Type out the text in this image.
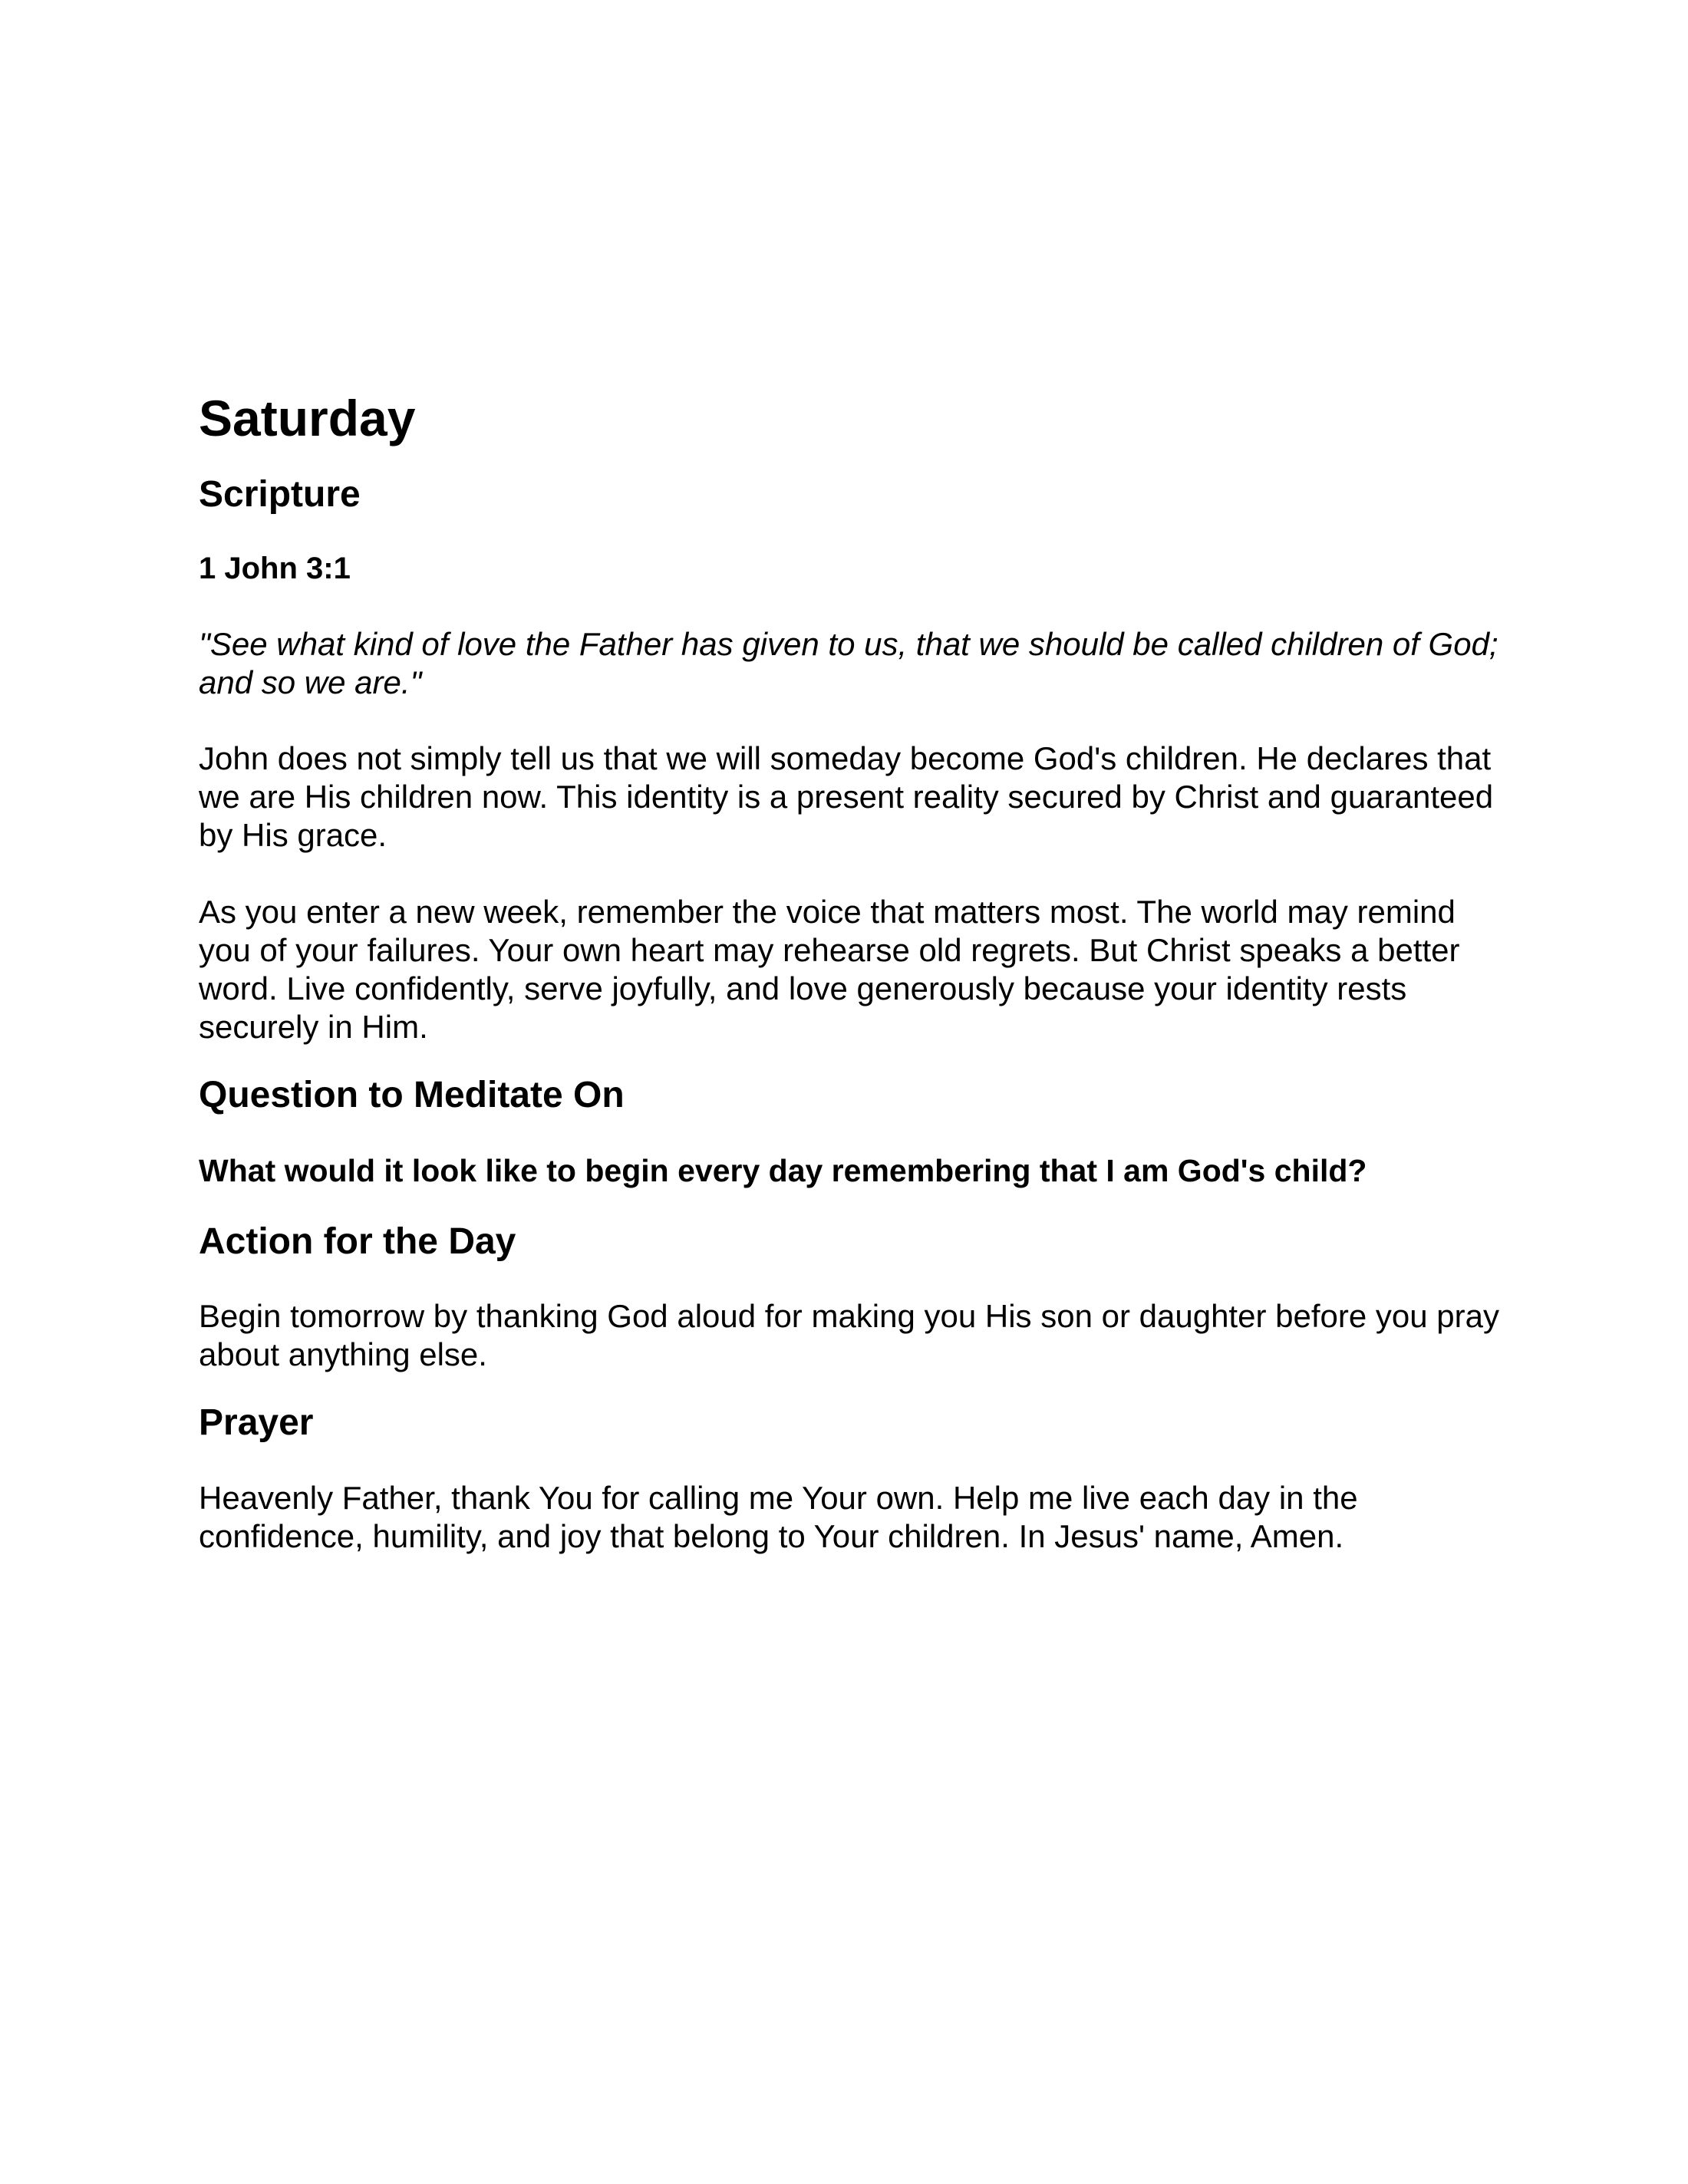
Saturday
Scripture

1 John 3:1

"See what kind of love the Father has given to us, that we should be called children of God; and so we are."

John does not simply tell us that we will someday become God's children. He declares that we are His children now. This identity is a present reality secured by Christ and guaranteed by His grace.

As you enter a new week, remember the voice that matters most. The world may remind you of your failures. Your own heart may rehearse old regrets. But Christ speaks a better word. Live confidently, serve joyfully, and love generously because your identity rests securely in Him.

Question to Meditate On

What would it look like to begin every day remembering that I am God's child?

Action for the Day

Begin tomorrow by thanking God aloud for making you His son or daughter before you pray about anything else.

Prayer

Heavenly Father, thank You for calling me Your own. Help me live each day in the confidence, humility, and joy that belong to Your children. In Jesus' name, Amen.
